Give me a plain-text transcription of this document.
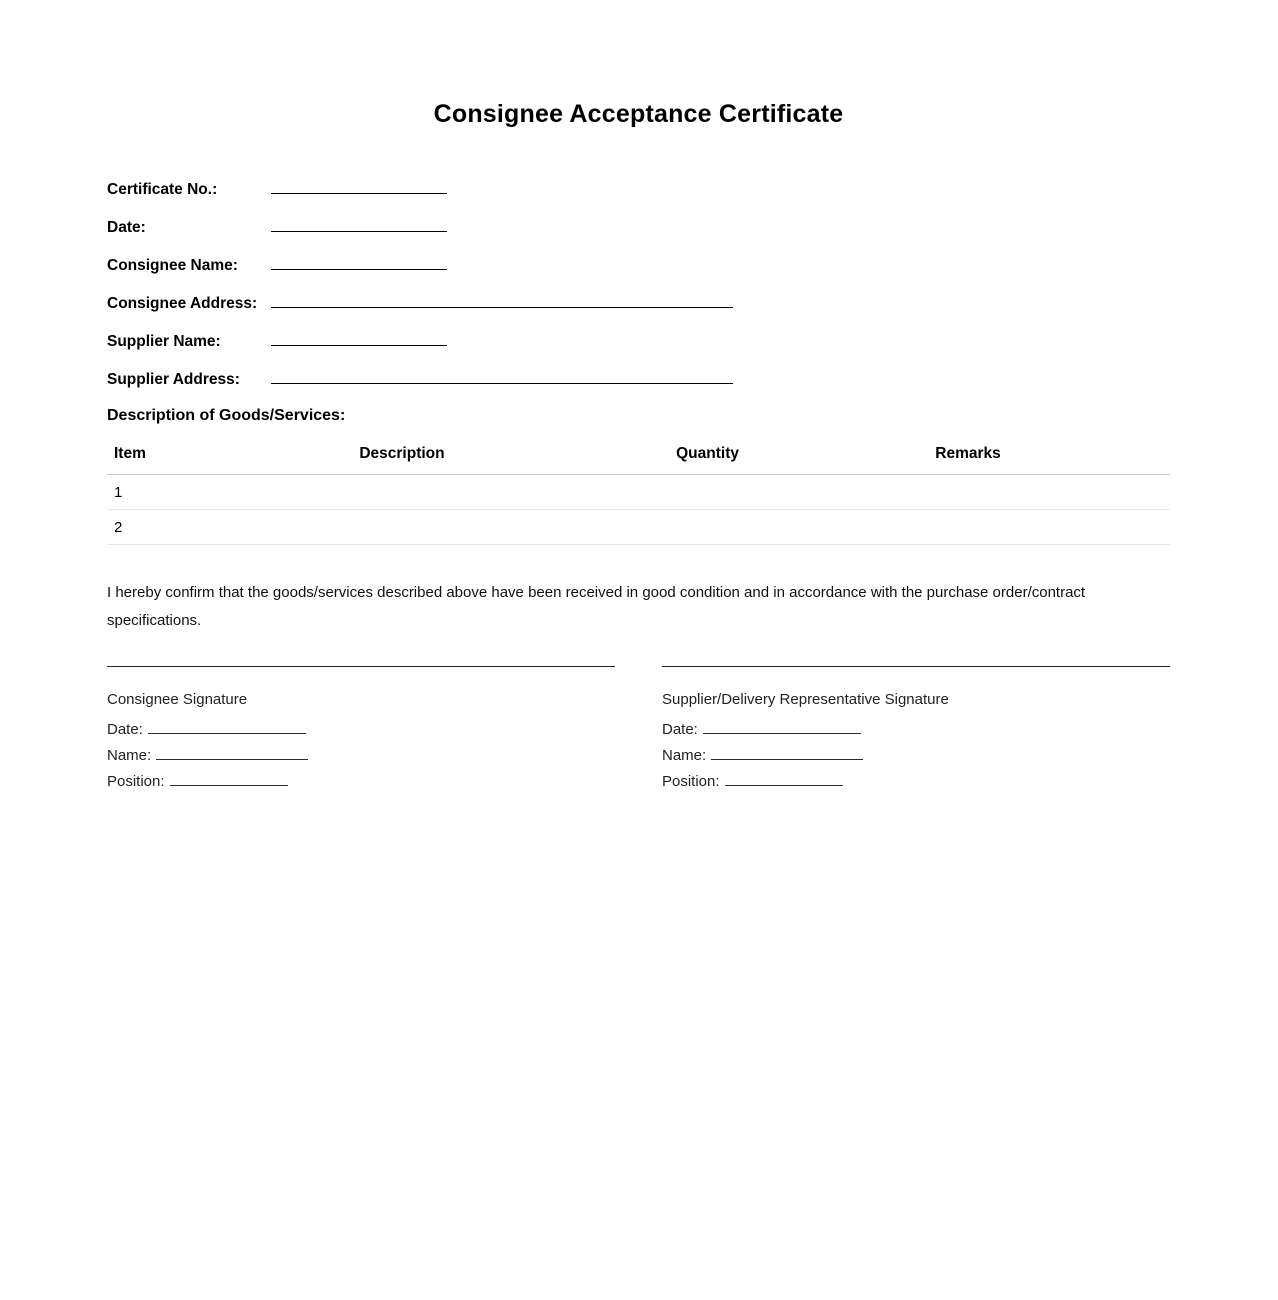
Consignee Acceptance Certificate
Certificate No.:
Date:
Consignee Name:
Consignee Address:
Supplier Name:
Supplier Address:
Description of Goods/Services:
Item	Description	Quantity	Remarks
1			
2			

I hereby confirm that the goods/services described above have been received in good condition and in accordance with the purchase order/contract specifications.

Consignee Signature
Date:
Name:
Position:
Supplier/Delivery Representative Signature
Date:
Name:
Position:
